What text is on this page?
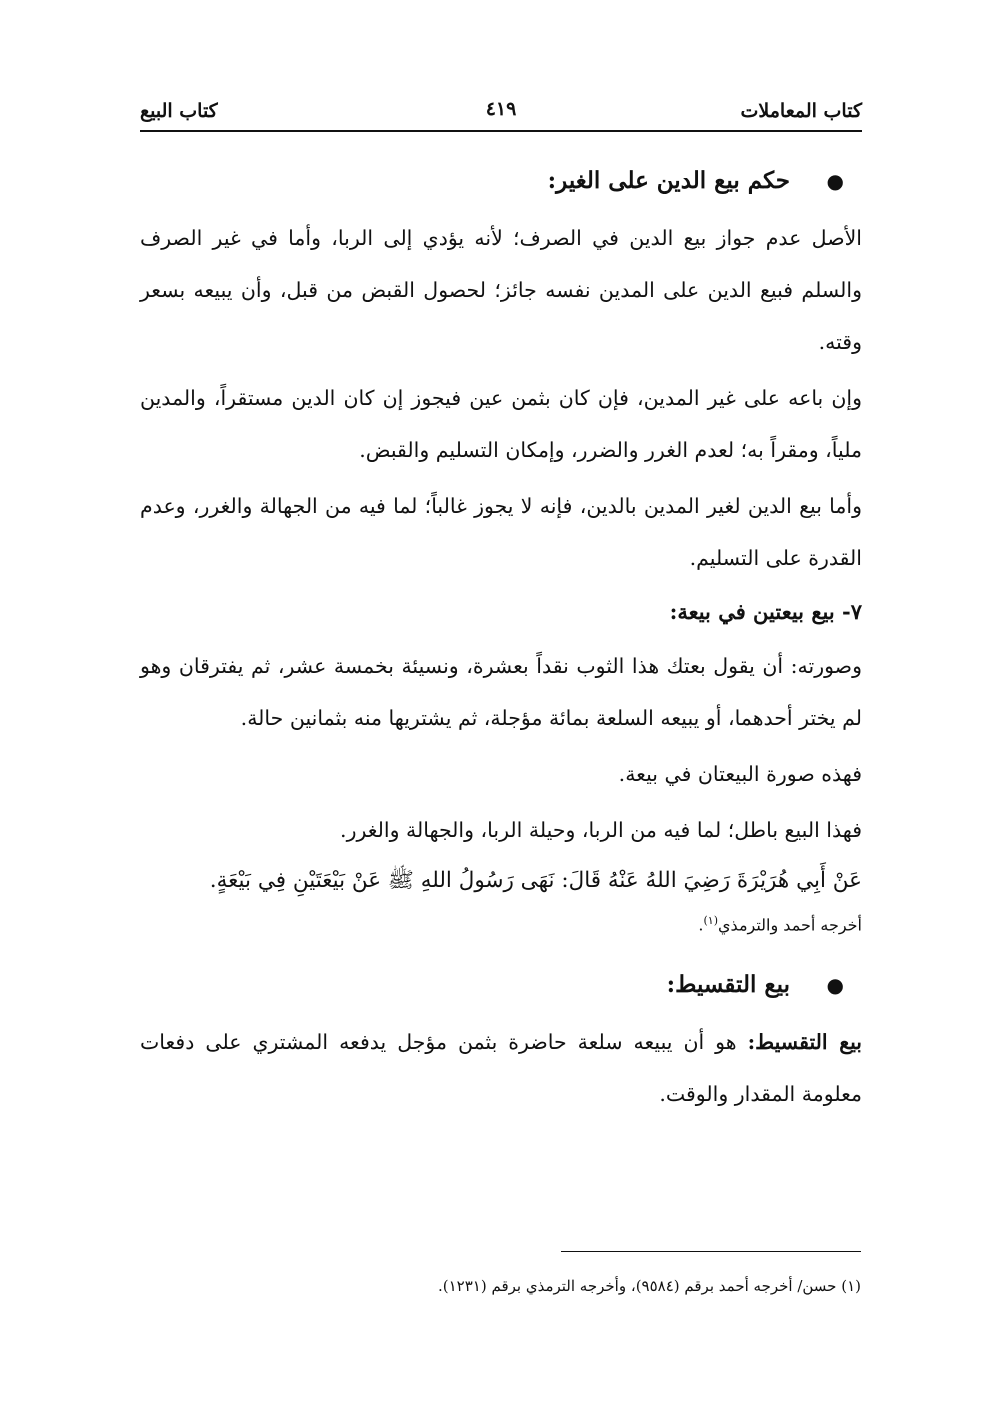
كتاب المعاملات
٤١٩
كتاب البيع

●
حكم بيع الدين على الغير:

الأصل عدم جواز بيع الدين في الصرف؛ لأنه يؤدي إلى الربا، وأما في غير الصرف والسلم فبيع الدين على المدين نفسه جائز؛ لحصول القبض من قبل، وأن يبيعه بسعر وقته.

وإن باعه على غير المدين، فإن كان بثمن عين فيجوز إن كان الدين مستقراً، والمدين ملياً، ومقراً به؛ لعدم الغرر والضرر، وإمكان التسليم والقبض.

وأما بيع الدين لغير المدين بالدين، فإنه لا يجوز غالباً؛ لما فيه من الجهالة والغرر، وعدم القدرة على التسليم.

٧- بيع بيعتين في بيعة:

وصورته: أن يقول بعتك هذا الثوب نقداً بعشرة، ونسيئة بخمسة عشر، ثم يفترقان وهو لم يختر أحدهما، أو يبيعه السلعة بمائة مؤجلة، ثم يشتريها منه بثمانين حالة.

فهذه صورة البيعتان في بيعة.

فهذا البيع باطل؛ لما فيه من الربا، وحيلة الربا، والجهالة والغرر.

عَنْ أَبِي هُرَيْرَةَ رَضِيَ اللهُ عَنْهُ قَالَ: نَهَى رَسُولُ اللهِ ﷺ عَنْ بَيْعَتَيْنِ فِي بَيْعَةٍ.

أخرجه أحمد والترمذي$^{(١)}$.

●
بيع التقسيط:

بيع التقسيط: هو أن يبيعه سلعة حاضرة بثمن مؤجل يدفعه المشتري على دفعات معلومة المقدار والوقت.

(١) حسن/ أخرجه أحمد برقم (٩٥٨٤)، وأخرجه الترمذي برقم (١٢٣١).
